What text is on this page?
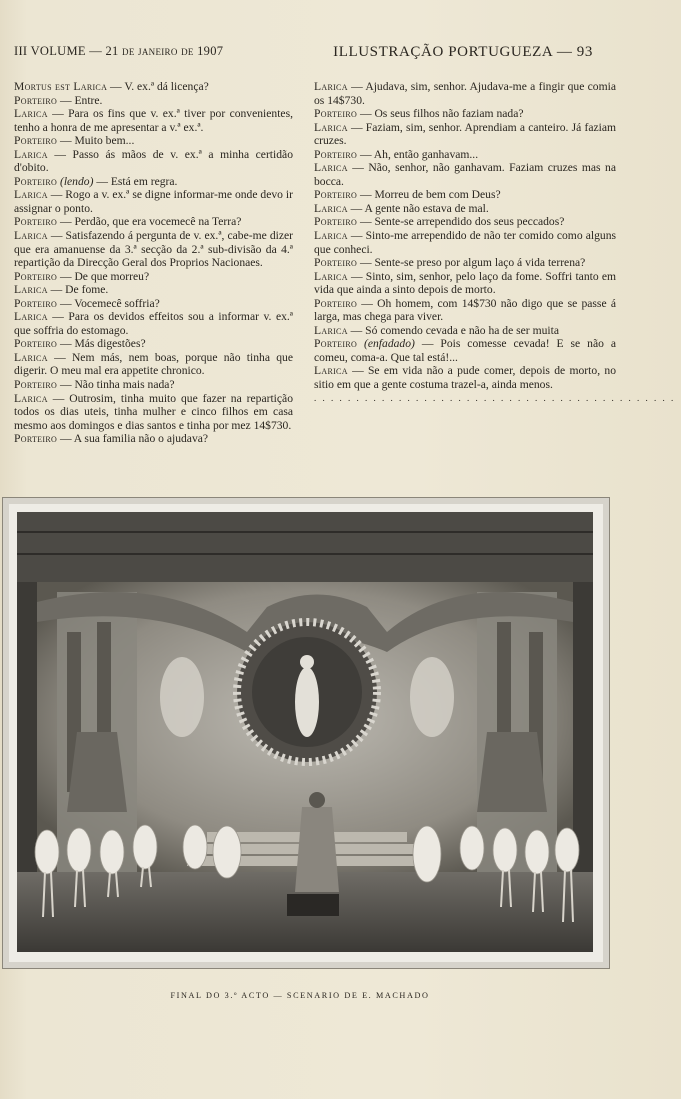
III VOLUME — 21 de janeiro de 1907	ILLUSTRAÇÃO PORTUGUEZA — 93

Mortus est Larica — V. ex.ª dá licença?

Porteiro — Entre.

Larica — Para os fins que v. ex.ª tiver por convenientes, tenho a honra de me apresentar a v.ª ex.ª.

Porteiro — Muito bem...

Larica — Passo ás mãos de v. ex.ª a minha certidão d'obito.

Porteiro (lendo) — Está em regra.

Larica — Rogo a v. ex.ª se digne informar-me onde devo ir assignar o ponto.

Porteiro — Perdão, que era vocemecê na Terra?

Larica — Satisfazendo á pergunta de v. ex.ª, cabe-me dizer que era amanuense da 3.ª secção da 2.ª sub-divisão da 4.ª repartição da Direcção Geral dos Proprios Nacionaes.

Porteiro — De que morreu?

Larica — De fome.

Porteiro — Vocemecê soffria?

Larica — Para os devidos effeitos sou a informar v. ex.ª que soffria do estomago.

Porteiro — Más digestões?

Larica — Nem más, nem boas, porque não tinha que digerir. O meu mal era appetite chronico.

Porteiro — Não tinha mais nada?

Larica — Outrosim, tinha muito que fazer na repartição todos os dias uteis, tinha mulher e cinco filhos em casa mesmo aos domingos e dias santos e tinha por mez 14$730.

Porteiro — A sua familia não o ajudava?

Larica — Ajudava, sim, senhor. Ajudava-me a fingir que comia os 14$730.

Porteiro — Os seus filhos não faziam nada?

Larica — Faziam, sim, senhor. Aprendiam a canteiro. Já faziam cruzes.

Porteiro — Ah, então ganhavam...

Larica — Não, senhor, não ganhavam. Faziam cruzes mas na bocca.

Porteiro — Morreu de bem com Deus?

Larica — A gente não estava de mal.

Porteiro — Sente-se arrependido dos seus peccados?

Larica — Sinto-me arrependido de não ter comido como alguns que conheci.

Porteiro — Sente-se preso por algum laço á vida terrena?

Larica — Sinto, sim, senhor, pelo laço da fome. Soffri tanto em vida que ainda a sinto depois de morto.

Porteiro — Oh homem, com 14$730 não digo que se passe á larga, mas chega para viver.

Larica — Só comendo cevada e não ha de ser muita

Porteiro (enfadado) — Pois comesse cevada! E se não a comeu, coma-a. Que tal está!...

Larica — Se em vida não a pude comer, depois de morto, no sitio em que a gente costuma trazel-a, ainda menos.

. . . . . . . . . . . . . . . . . . . . . . . . . . . . . . . . . . . . . . . . . . .
FINAL DO 3.º ACTO — SCENARIO DE E. MACHADO
